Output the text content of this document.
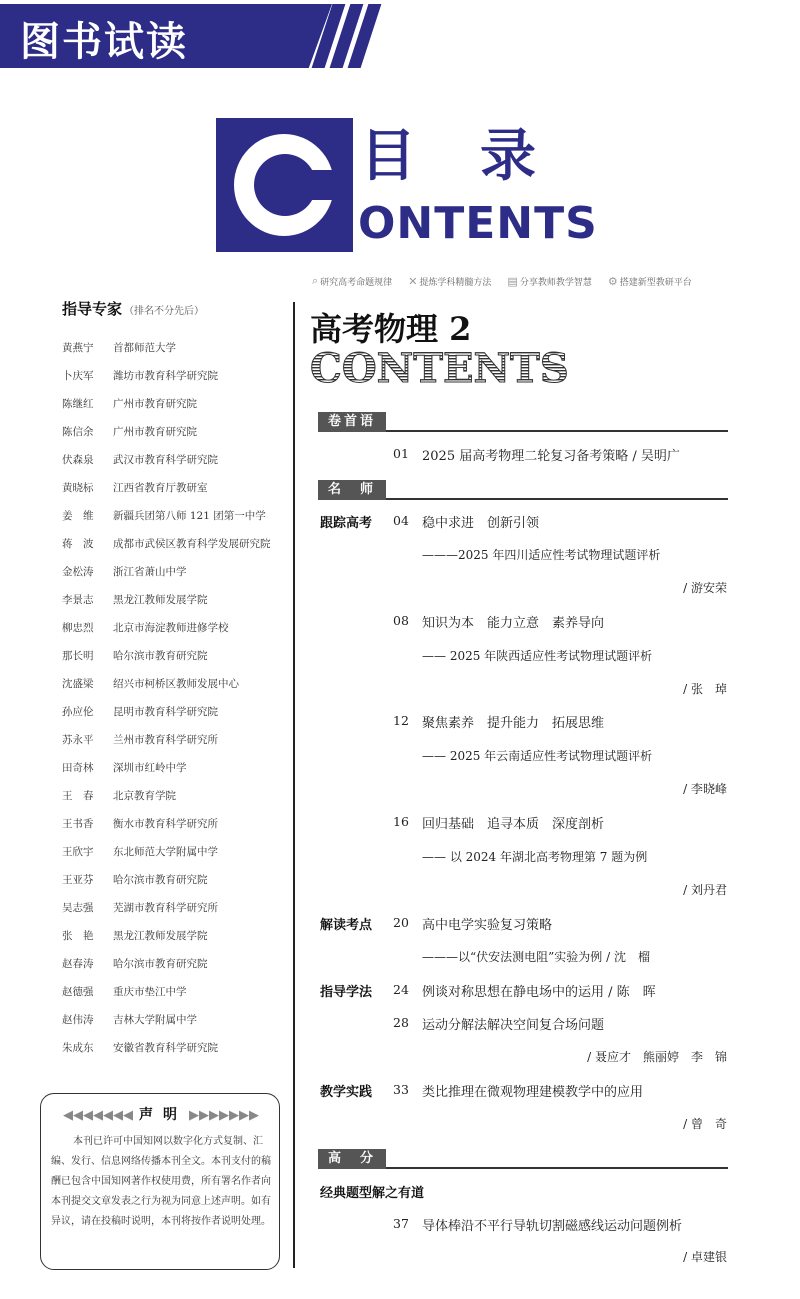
图书试读
目录
ONTENTS
⌕ 研究高考命题规律 ✕ 提炼学科精髓方法 ▤ 分享教师教学智慧 ⚙ 搭建新型教研平台
指导专家 （排名不分先后）
黄燕宁	首都师范大学
卜庆军	潍坊市教育科学研究院
陈继红	广州市教育研究院
陈信余	广州市教育研究院
伏森泉	武汉市教育科学研究院
黄晓标	江西省教育厅教研室
姜　维	新疆兵团第八师 121 团第一中学
蒋　波	成都市武侯区教育科学发展研究院
金松涛	浙江省萧山中学
李景志	黑龙江教师发展学院
柳忠烈	北京市海淀教师进修学校
那长明	哈尔滨市教育研究院
沈盛梁	绍兴市柯桥区教师发展中心
孙应伦	昆明市教育科学研究院
苏永平	兰州市教育科学研究所
田奇林	深圳市红岭中学
王　春	北京教育学院
王书香	衡水市教育科学研究所
王欣宇	东北师范大学附属中学
王亚芬	哈尔滨市教育研究院
吴志强	芜湖市教育科学研究所
张　艳	黑龙江教师发展学院
赵春涛	哈尔滨市教育研究院
赵德强	重庆市垫江中学
赵伟涛	吉林大学附属中学
朱成东	安徽省教育科学研究院
◀◀◀◀◀◀◀ 声明 ▶▶▶▶▶▶▶
本刊已许可中国知网以数字化方式复制、汇编、发行、信息网络传播本刊全文。本刊支付的稿酬已包含中国知网著作权使用费，所有署名作者向本刊提交文章发表之行为视为同意上述声明。如有异议，请在投稿时说明，本刊将按作者说明处理。
高考物理 2
CONTENTS
卷首语
01 2025 届高考物理二轮复习备考策略 / 吴明广
名　师
跟踪高考 04 稳中求进　创新引领
———2025 年四川适应性考试物理试题评析
/ 游安荣
08 知识为本　能力立意　素养导向
—— 2025 年陕西适应性考试物理试题评析
/ 张　琸
12 聚焦素养　提升能力　拓展思维
—— 2025 年云南适应性考试物理试题评析
/ 李晓峰
16 回归基础　追寻本质　深度剖析
—— 以 2024 年湖北高考物理第 7 题为例
/ 刘丹君
解读考点 20 高中电学实验复习策略
———以“伏安法测电阻”实验为例 / 沈　榴
指导学法 24 例谈对称思想在静电场中的运用 / 陈　晖
28 运动分解法解决空间复合场问题
/ 聂应才　熊丽婷　李　锦
教学实践 33 类比推理在微观物理建模教学中的应用
/ 曾　奇
高　分
经典题型解之有道
37 导体棒沿不平行导轨切割磁感线运动问题例析
/ 卓建银
